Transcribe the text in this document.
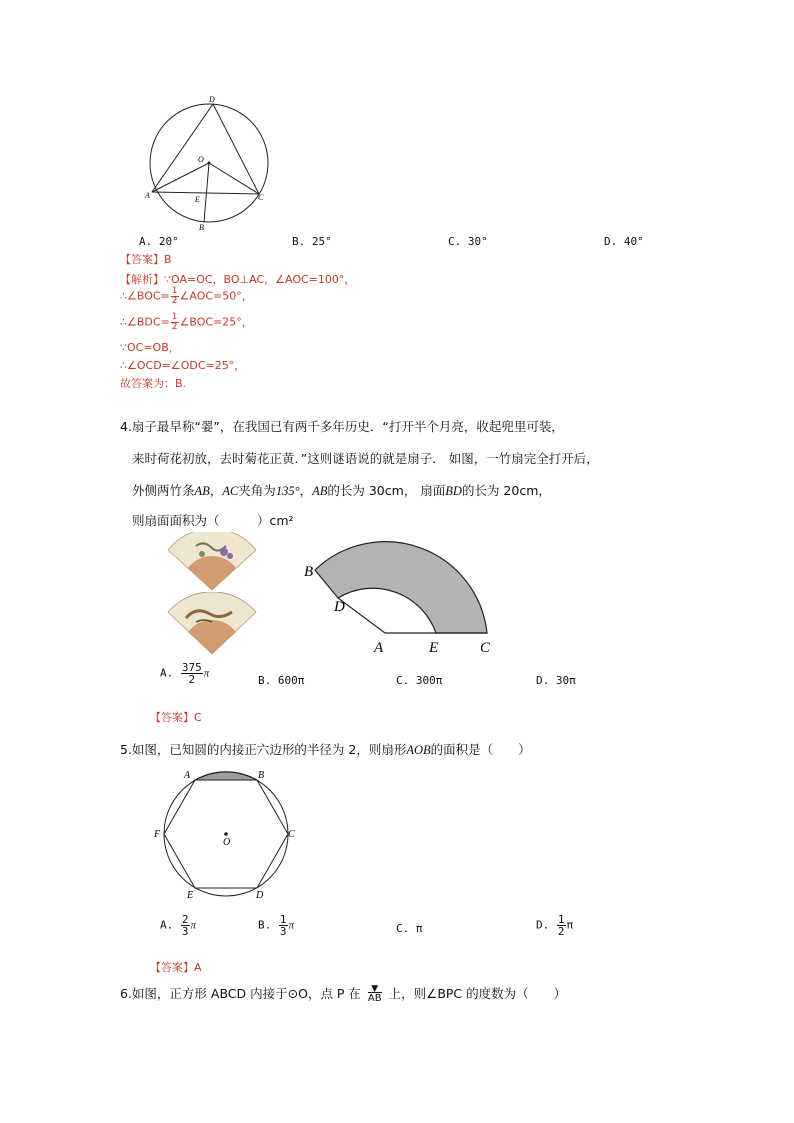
D
O
A	E
B
C
A. 20°	B. 25°	C. 30°	D. 40°
【答案】B
【解析】∵OA=OC，BO⊥AC，∠AOC=100°，
∴∠BOC= $\frac{1}{2}$ ∠AOC=50°，
∴∠BDC= $\frac{1}{2}$ ∠BOC=25°，
∵OC=OB，
∴∠OCD=∠ODC=25°，
故答案为：B.
4.扇子最早称“翣”，在我国已有两千多年历史．“打开半个月亮，收起兜里可装，
来时荷花初放，去时菊花正黄．”这则谜语说的就是扇子． 如图，一竹扇完全打开后，
外侧两竹条AB，AC夹角为135°，AB的长为 30cm， 扇面BD的长为 20cm，
则扇面面积为（　　　）cm²
B
D
A	E	C
A. $\frac{375}{2}$ π
B. 600π	C. 300π	D. 30π
【答案】C
5.如图，已知圆的内接正六边形的半径为 2，则扇形AOB的面积是（　　）
A	B
C
D
E
F
O
A. $\frac{2}{3}$ π	B. $\frac{1}{3}$ π	C. π	D. $\frac{1}{2}$ π
【答案】A
6.如图，正方形 ABCD 内接于⊙O，点 P 在 ▼
AB 上，则∠BPC 的度数为（　　）
